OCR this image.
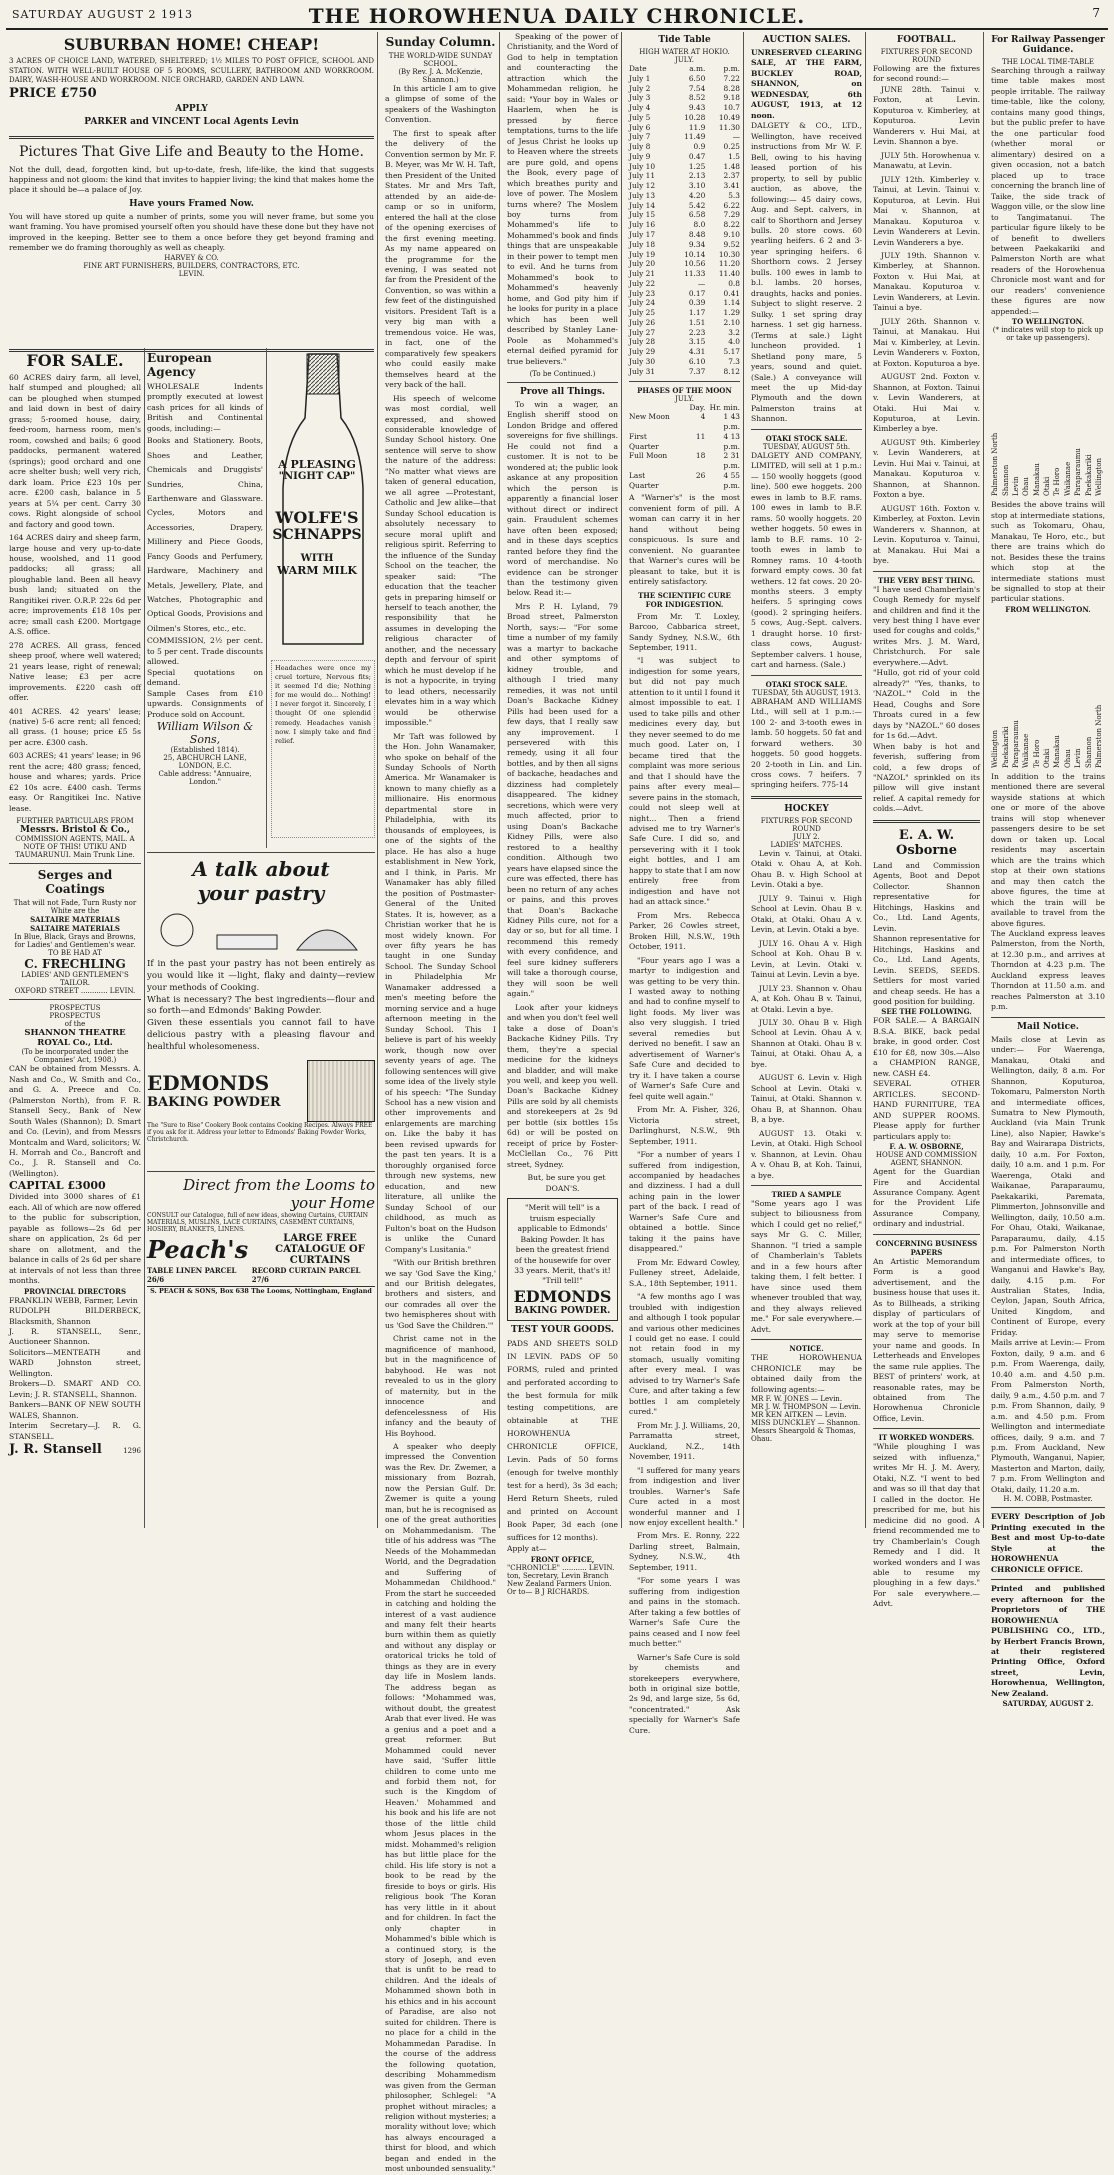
SATURDAY AUGUST 2 1913	THE HOROWHENUA DAILY CHRONICLE.	7
SUBURBAN HOME! CHEAP!
3 ACRES OF CHOICE LAND, WATERED, SHELTERED; 1½ MILES TO POST OFFICE, SCHOOL AND STATION. WITH WELL-BUILT HOUSE OF 5 ROOMS, SCULLERY, BATHROOM AND WORKROOM. DAIRY, WASH-HOUSE AND WORKROOM. NICE ORCHARD, GARDEN AND LAWN.
PRICE £750
APPLY
PARKER and VINCENT Local Agents Levin
Pictures That Give Life and Beauty to the Home.
Not the dull, dead, forgotten kind, but up-to-date, fresh, life-like, the kind that suggests happiness and not gloom: the kind that invites to happier living; the kind that makes home the place it should be—a palace of Joy.
Have yours Framed Now.
You will have stored up quite a number of prints, some you will never frame, but some you want framing. You have promised yourself often you should have these done but they have not improved in the keeping. Better see to them a once before they get beyond framing and remember we do framing thoroughly as well as cheaply.
HARVEY & CO.
FINE ART FURNISHERS, BUILDERS, CONTRACTORS, ETC.
LEVIN.
FOR SALE.
60 ACRES dairy farm, all level, half stumped and ploughed; all can be ploughed when stumped and laid down in best of dairy grass; 5-roomed house, dairy, feed-room, harness room, men's room, cowshed and bails; 6 good paddocks, permanent watered (springs); good orchard and one acre shelter bush; well very rich, dark loam. Price £23 10s per acre. £200 cash, balance in 5 years at 5¼ per cent. Carry 30 cows. Right alongside of school and factory and good town.
164 ACRES dairy and sheep farm, large house and very up-to-date house, woolshed, and 11 good paddocks; all grass; all ploughable land. Been all heavy bush land; situated on the Rangitikei river. O.R.P. 22s 6d per acre; improvements £18 10s per acre; small cash £200. Mortgage A.S. office.
278 ACRES. All grass, fenced sheep proof, where well watered; 21 years lease, right of renewal; Native lease; £3 per acre improvements. £220 cash off offer.
401 ACRES. 42 years' lease; (native) 5-6 acre rent; all fenced; all grass. (1 house; price £5 5s per acre. £300 cash.
603 ACRES; 41 years' lease; in 96 rent the acre; 480 grass; fenced, house and whares; yards. Price £2 10s acre. £400 cash. Terms easy. Or Rangitikei Inc. Native lease.
FURTHER PARTICULARS FROM
Messrs. Bristol & Co.,
COMMISSION AGENTS, MAIL. A NOTE OF THIS! UTIKU AND TAUMARUNUI. Main Trunk Line.
Serges and Coatings
That will not Fade, Turn Rusty nor White are the
SALTAIRE MATERIALS
SALTAIRE MATERIALS
In Blue, Black, Grays and Browns, for Ladies' and Gentlemen's wear.
TO BE HAD AT
C. FRECHLING
LADIES' AND GENTLEMEN'S TAILOR.
OXFORD STREET ............ LEVIN.
PROSPECTUS
PROSPECTUS
of the
SHANNON THEATRE ROYAL Co., Ltd.
(To be incorporated under the Companies' Act, 1908.)
CAN be obtained from Messrs. A. Nash and Co., W. Smith and Co., and G. A. Preece and Co. (Palmerston North), from F. R. Stansell Secy., Bank of New South Wales (Shannon); D. Smart and Co. (Levin), and from Messrs Montcalm and Ward, solicitors; W. H. Morrah and Co., Bancroft and Co., J. R. Stansell and Co. (Wellington).
CAPITAL £3000
Divided into 3000 shares of £1 each. All of which are now offered to the public for subscription, payable as follows—2s 6d per share on application, 2s 6d per share on allotment, and the balance in calls of 2s 6d per share at intervals of not less than three months.
PROVINCIAL DIRECTORS
FRANKLIN WEBB, Farmer, Levin
RUDOLPH BILDERBECK, Blacksmith, Shannon
J. R. STANSELL, Senr., Auctioneer Shannon.
Solicitors—MENTEATH and WARD Johnston street, Wellington.
Brokers—D. SMART AND CO. Levin; J. R. STANSELL, Shannon.
Bankers—BANK OF NEW SOUTH WALES, Shannon.
Interim Secretary—J. R. G. STANSELL.
J. R. Stansell	1296
European Agency
WHOLESALE Indents promptly executed at lowest cash prices for all kinds of British and Continental goods, including:—
Books and Stationery. Boots, Shoes and Leather, Chemicals and Druggists' Sundries, China, Earthenware and Glassware. Cycles, Motors and Accessories, Drapery, Millinery and Piece Goods, Fancy Goods and Perfumery, Hardware, Machinery and Metals, Jewellery, Plate, and Watches, Photographic and Optical Goods, Provisions and Oilmen's Stores, etc., etc.
COMMISSION, 2½ per cent. to 5 per cent. Trade discounts allowed.
Special quotations on demand.
Sample Cases from £10 upwards. Consignments of Produce sold on Account.
William Wilson & Sons,
(Established 1814).
25, ABCHURCH LANE, LONDON, E.C.
Cable address: "Annuaire, London."
A PLEASING
"NIGHT CAP"
WOLFE'S
SCHNAPPS
WITH
WARM MILK
Headaches were once my cruel torture, Nervous fits; it seemed I'd die; Nothing for me would do... Nothing! I never forgot it. Sincerely, I thought Of one splendid remedy. Headaches vanish now. I simply take and find relief.
A talk about
your pastry
If in the past your pastry has not been entirely as you would like it —light, flaky and dainty—review your methods of Cooking.
What is necessary? The best ingredients—flour and so forth—and Edmonds' Baking Powder.
Given these essentials you cannot fail to have delicious pastry with a pleasing flavour and healthful wholesomeness.
EDMONDS
BAKING POWDER
The "Sure to Rise" Cookery Book contains Cooking Recipes. Always FREE if you ask for it. Address your letter to Edmonds' Baking Powder Works, Christchurch.
Direct from the Looms to your Home
CONSULT our Catalogue, full of new ideas, showing Curtains, CURTAIN MATERIALS, MUSLINS, LACE CURTAINS, CASEMENT CURTAINS, HOSIERY, BLANKETS, LINENS.
Peach's	LARGE FREE CATALOGUE OF CURTAINS
TABLE LINEN PARCEL 26/6
RECORD CURTAIN PARCEL 27/6
S. PEACH & SONS, Box 638 The Looms, Nottingham, England
Sunday Column.
THE WORLD-WIDE SUNDAY SCHOOL.
(By Rev. J. A. McKenzie, Shannon.)

In this article I am to give a glimpse of some of the speakers of the Washington Convention.

The first to speak after the delivery of the Convention sermon by Mr. F. B. Meyer, was Mr W. H. Taft, then President of the United States. Mr and Mrs Taft, attended by an aide-de-camp or so in uniform, entered the hall at the close of the opening exercises of the first evening meeting. As my name appeared on the programme for the evening, I was seated not far from the President of the Convention, so was within a few feet of the distinguished visitors. President Taft is a very big man with a tremendous voice. He was, in fact, one of the comparatively few speakers who could easily make themselves heard at the very back of the hall.

His speech of welcome was most cordial, well expressed, and showed considerable knowledge of Sunday School history. One sentence will serve to show the nature of the address: "No matter what views are taken of general education, we all agree —Protestant, Catholic and Jew alike—that Sunday School education is absolutely necessary to secure moral uplift and religious spirit. Referring to the influence of the Sunday School on the teacher, the speaker said: "The education that the teacher gets in preparing himself or herself to teach another, the responsibility that he assumes in developing the religious character of another, and the necessary depth and fervour of spirit which he must develop if he is not a hypocrite, in trying to lead others, necessarily elevates him in a way which would be otherwise impossible."

Mr Taft was followed by the Hon. John Wanamaker, who spoke on behalf of the Sunday Schools of North America. Mr Wanamaker is known to many chiefly as a millionaire. His enormous departmental store in Philadelphia, with its thousands of employees, is one of the sights of the place. He has also a huge establishment in New York, and I think, in Paris. Mr Wanamaker has ably filled the position of Postmaster-General of the United States. It is, however, as a Christian worker that he is most widely known. For over fifty years he has taught in one Sunday School. The Sunday School in Philadelphia Mr Wanamaker addressed a men's meeting before the morning service and a huge afternoon meeting in the Sunday School. This I believe is part of his weekly work, though now over seventy years of age. The following sentences will give some idea of the lively style of his speech: "The Sunday School has a new vision and other improvements and enlargements are marching on. Like the baby it has been revised upwards for the past ten years. It is a thoroughly organised force through new systems, new education, and new literature, all unlike the Sunday School of our childhood, as much as Fulton's boat on the Hudson is unlike the Cunard Company's Lusitania."

"With our British brethren we say 'God Save the King,' and our British delegates, brothers and sisters, and our comrades all over the two hemispheres shout with us 'God Save the Children.'"

Christ came not in the magnificence of manhood, but in the magnificence of babyhood. He was not revealed to us in the glory of maternity, but in the innocence and defencelessness of His infancy and the beauty of His Boyhood.

A speaker who deeply impressed the Convention was the Rev. Dr. Zwemer, a missionary from Bozrah, now the Persian Gulf. Dr. Zwemer is quite a young man, but he is recognised as one of the great authorities on Mohammedanism. The title of his address was "The Needs of the Mohammedan World, and the Degradation and Suffering of Mohammedan Childhood." From the start he succeeded in catching and holding the interest of a vast audience and many felt their hearts burn within them as quietly and without any display or oratorical tricks he told of things as they are in every day life in Moslem lands. The address began as follows: "Mohammed was, without doubt, the greatest Arab that ever lived. He was a genius and a poet and a great reformer. But Mohammed could never have said, 'Suffer little children to come unto me and forbid them not, for such is the Kingdom of Heaven.' Mohammed and his book and his life are not those of the little child whom Jesus places in the midst. Mohammed's religion has but little place for the child. His life story is not a book to be read by the fireside to boys or girls. His religious book 'The Koran has very little in it about and for children. In fact the only chapter in Mohammed's bible which is a continued story, is the story of Joseph, and even that is unfit to be read to children. And the ideals of Mohammed shown both in his ethics and in his account of Paradise, are also not suited for children. There is no place for a child in the Mohammedan Paradise. In the course of the address the following quotation, describing Mohammedism was given from the German philosopher, Schlegel: "A prophet without miracles; a religion without mysteries; a morality without love; which has always encouraged a thirst for blood, and which began and ended in the most unbounded sensuality."

Speaking of the power of Christianity, and the Word of God to help in temptation and counteracting the attraction which the Mohammedan religion, he said: "Your boy in Wales or Haarlem, when he is pressed by fierce temptations, turns to the life of Jesus Christ he looks up to Heaven where the streets are pure gold, and opens the Book, every page of which breathes purity and love of power. The Moslem turns where? The Moslem boy turns from Mohammed's life to Mohammed's book and finds things that are unspeakable in their power to tempt men to evil. And he turns from Mohammed's book to Mohammed's heavenly home, and God pity him if he looks for purity in a place which has been well described by Stanley Lane-Poole as Mohammed's eternal deified pyramid for true believers."

(To be Continued.)
Prove all Things.

To win a wager, an English sheriff stood on London Bridge and offered sovereigns for five shillings. He could not find a customer. It is not to be wondered at; the public look askance at any proposition which the person is apparently a financial loser without direct or indirect gain. Fraudulent schemes have often been exposed; and in these days sceptics ranted before they find the word of merchandise. No evidence can be stronger than the testimony given below. Read it:—

Mrs P. H. Lyland, 79 Broad street, Palmerston North, says:— "For some time a number of my family was a martyr to backache and other symptoms of kidney trouble, and although I tried many remedies, it was not until Doan's Backache Kidney Pills had been used for a few days, that I really saw any improvement. I persevered with this remedy, using it all four bottles, and by then all signs of backache, headaches and dizziness had completely disappeared. The kidney secretions, which were very much affected, prior to using Doan's Backache Kidney Pills, were also restored to a healthy condition. Although two years have elapsed since the cure was effected, there has been no return of any aches or pains, and this proves that Doan's Backache Kidney Pills cure, not for a day or so, but for all time. I recommend this remedy with every confidence, and feel sure kidney sufferers will take a thorough course, they will soon be well again."

Look after your kidneys and when you don't feel well take a dose of Doan's Backache Kidney Pills. Try them, they're a special medicine for the kidneys and bladder, and will make you well, and keep you well. Doan's Backache Kidney Pills are sold by all chemists and storekeepers at 2s 9d per bottle (six bottles 15s 6d) or will be posted on receipt of price by Foster-McClellan Co., 76 Pitt street, Sydney.

But, be sure you get DOAN'S.

"Merit will tell" is a truism especially applicable to Edmonds' Baking Powder. It has been the greatest friend of the housewife for over 33 years. Merit, that's it! "Trill tell!"
EDMONDS
BAKING POWDER.
TEST YOUR GOODS.
PADS AND SHEETS SOLD IN LEVIN. PADS OF 50 FORMS, ruled and printed and perforated according to the best formula for milk testing competitions, are obtainable at THE HOROWHENUA CHRONICLE OFFICE, Levin. Pads of 50 forms (enough for twelve monthly test for a herd), 3s 3d each; Herd Return Sheets, ruled and printed on Account Book Paper, 3d each (one suffices for 12 months).
Apply at—
FRONT OFFICE,
"CHRONICLE" ........... LEVIN.
ton, Secretary, Levin Branch New Zealand Farmers Union.
Or to— B J RICHARDS.
Tide Table
HIGH WATER AT HOKIO.
JULY.
Date	a.m.	p.m.
July 1	6.50	7.22
July 2	7.54	8.28
July 3	8.52	9.18
July 4	9.43	10.7
July 5	10.28	10.49
July 6	11.9	11.30
July 7	11.49	—
July 8	0.9	0.25
July 9	0.47	1.5
July 10	1.25	1.48
July 11	2.13	2.37
July 12	3.10	3.41
July 13	4.20	5.3
July 14	5.42	6.22
July 15	6.58	7.29
July 16	8.0	8.22
July 17	8.48	9.10
July 18	9.34	9.52
July 19	10.14	10.30
July 20	10.56	11.20
July 21	11.33	11.40
July 22	—	0.8
July 23	0.17	0.41
July 24	0.39	1.14
July 25	1.17	1.29
July 26	1.51	2.10
July 27	2.23	3.2
July 28	3.15	4.0
July 29	4.31	5.17
July 30	6.10	7.3
July 31	7.37	8.12
PHASES OF THE MOON
JULY.
Day. Hr. min.
New Moon	4	1 43 p.m.
First Quarter
11	4 13 p.m.
Full Moon	18	2 31 p.m.
Last Quarter
26	4 55 p.m.
A "Warner's" is the most convenient form of pill. A woman can carry it in her hand without being conspicuous. Is sure and convenient. No guarantee that Warner's cures will be pleasant to take, but it is entirely satisfactory.
THE SCIENTIFIC CURE FOR INDIGESTION.

From Mr. T. Loxley, Barcoo, Cabbarica street, Sandy Sydney, N.S.W., 6th September, 1911.

"I was subject to indigestion for some years, but did not pay much attention to it until I found it almost impossible to eat. I used to take pills and other medicines every day, but they never seemed to do me much good. Later on, I became tired that the complaint was more serious and that I should have the pains after every meal—severe pains in the stomach, could not sleep well at night... Then a friend advised me to try Warner's Safe Cure. I did so, and persevering with it I took eight bottles, and I am happy to state that I am now entirely free from indigestion and have not had an attack since."

From Mrs. Rebecca Parker, 26 Cowles street, Broken Hill, N.S.W., 19th October, 1911.

"Four years ago I was a martyr to indigestion and was getting to be very thin. I wasted away to nothing and had to confine myself to light foods. My liver was also very sluggish. I tried several remedies but derived no benefit. I saw an advertisement of Warner's Safe Cure and decided to try it. I have taken a course of Warner's Safe Cure and feel quite well again."

From Mr. A. Fisher, 326, Victoria street, Darlinghurst, N.S.W., 9th September, 1911.

"For a number of years I suffered from indigestion, accompanied by headaches and dizziness. I had a dull aching pain in the lower part of the back. I read of Warner's Safe Cure and obtained a bottle. Since taking it the pains have disappeared."

From Mr. Edward Cowley, Fulleney street, Adelaide, S.A., 18th September, 1911.

"A few months ago I was troubled with indigestion and although I took popular and various other medicines I could get no ease. I could not retain food in my stomach, usually vomiting after every meal. I was advised to try Warner's Safe Cure, and after taking a few bottles I am completely cured."

From Mr. J. J. Williams, 20, Parramatta street, Auckland, N.Z., 14th November, 1911.

"I suffered for many years from indigestion and liver troubles. Warner's Safe Cure acted in a most wonderful manner and I now enjoy excellent health."

From Mrs. E. Ronny, 222 Darling street, Balmain, Sydney, N.S.W., 4th September, 1911.

"For some years I was suffering from indigestion and pains in the stomach. After taking a few bottles of Warner's Safe Cure the pains ceased and I now feel much better."

Warner's Safe Cure is sold by chemists and storekeepers everywhere, both in original size bottle, 2s 9d, and large size, 5s 6d, "concentrated." Ask specially for Warner's Safe Cure.

AUCTION SALES.
UNRESERVED CLEARING SALE, AT THE FARM, BUCKLEY ROAD, SHANNON, on WEDNESDAY, 6th AUGUST, 1913, at 12 noon.
DALGETY & CO., LTD., Wellington, have received instructions from Mr W. F. Bell, owing to his having leased portion of his property, to sell by public auction, as above, the following:— 45 dairy cows, Aug. and Sept. calvers, in calf to Shorthorn and Jersey bulls. 20 store cows. 60 yearling heifers. 6 2 and 3-year springing heifers. 6 Shorthorn cows. 2 Jersey bulls. 100 ewes in lamb to b.l. lambs. 20 horses, draughts, hacks and ponies. Subject to slight reserve. 2 Sulky. 1 set spring dray harness. 1 set gig harness. (Terms at sale.) Light luncheon provided. 1 Shetland pony mare, 5 years, sound and quiet. (Sale.) A conveyance will meet the up Mid-day Plymouth and the down Palmerston trains at Shannon.
OTAKI STOCK SALE.
TUESDAY, AUGUST 5th.
DALGETY AND COMPANY, LIMITED, will sell at 1 p.m.:— 150 woolly hoggets (good line). 500 ewe hoggets. 200 ewes in lamb to B.F. rams. 100 ewes in lamb to B.F. rams. 50 woolly hoggets. 20 wether hoggets. 50 ewes in lamb to B.F. rams. 10 2-tooth ewes in lamb to Romney rams. 10 4-tooth forward empty cows. 30 fat wethers. 12 fat cows. 20 20-months steers. 3 empty heifers. 5 springing cows (good). 2 springing heifers. 5 cows, Aug.-Sept. calvers. 1 draught horse. 10 first-class cows, August-September calvers. 1 house, cart and harness. (Sale.)
OTAKI STOCK SALE.
TUESDAY, 5th AUGUST, 1913.
ABRAHAM AND WILLIAMS Ltd., will sell at 1 p.m.:— 100 2- and 3-tooth ewes in lamb. 50 hoggets. 50 fat and forward wethers. 30 hoggets. 50 good hoggets. 20 2-tooth in Lin. and Lin. cross cows. 7 heifers. 7 springing heifers. 775-14
HOCKEY
FIXTURES FOR SECOND ROUND
JULY 2.
LADIES' MATCHES.

Levin v. Tainui, at Otaki. Otaki v. Ohau A, at Koh. Ohau B. v. High School at Levin. Otaki a bye.

JULY 9. Tainui v. High School at Levin. Ohau B v. Otaki, at Otaki. Ohau A v. Levin, at Levin. Otaki a bye.

JULY 16. Ohau A v. High School at Koh. Ohau B v. Levin, at Levin. Otaki v. Tainui at Levin. Levin a bye.

JULY 23. Shannon v. Ohau A, at Koh. Ohau B v. Tainui, at Otaki. Levin a bye.

JULY 30. Ohau B v. High School at Levin. Ohau A v. Shannon at Otaki. Ohau B v. Tainui, at Otaki. Ohau A, a bye.

AUGUST 6. Levin v. High School at Levin. Otaki v. Tainui, at Otaki. Shannon v. Ohau B, at Shannon. Ohau B, a bye.

AUGUST 13. Otaki v. Levin, at Otaki. High School v. Shannon, at Levin. Ohau A v. Ohau B, at Koh. Tainui, a bye.

TRIED A SAMPLE
"Some years ago I was subject to biliousness from which I could get no relief," says Mr G. C. Miller, Shannon. "I tried a sample of Chamberlain's Tablets and in a few hours after taking them, I felt better. I have since used them whenever troubled that way, and they always relieved me." For sale everywhere.—Advt.
NOTICE.
THE HOROWHENUA CHRONICLE may be obtained daily from the following agents:—
MR F. W. JONES — Levin.
MR J. W. THOMPSON — Levin.
MR KEN AITKEN — Levin.
MISS DUNCKLEY — Shannon.
Messrs Sheargold & Thomas, Ohau.
FOOTBALL.
FIXTURES FOR SECOND ROUND
Following are the fixtures for second round:—

JUNE 28th. Tainui v. Foxton, at Levin. Koputuroa v. Kimberley, at Koputuroa. Levin Wanderers v. Hui Mai, at Levin. Shannon a bye.

JULY 5th. Horowhenua v. Manawatu, at Levin.

JULY 12th. Kimberley v. Tainui, at Levin. Tainui v. Koputuroa, at Levin. Hui Mai v. Shannon, at Manakau. Koputuroa v. Levin Wanderers at Levin. Levin Wanderers a bye.

JULY 19th. Shannon v. Kimberley, at Shannon. Foxton v. Hui Mai, at Manakau. Koputuroa v. Levin Wanderers, at Levin. Tainui a bye.

JULY 26th. Shannon v. Tainui, at Manakau. Hui Mai v. Kimberley, at Levin. Levin Wanderers v. Foxton, at Foxton. Koputuroa a bye.

AUGUST 2nd. Foxton v. Shannon, at Foxton. Tainui v. Levin Wanderers, at Otaki. Hui Mai v. Koputuroa, at Levin. Kimberley a bye.

AUGUST 9th. Kimberley v. Levin Wanderers, at Levin. Hui Mai v. Tainui, at Manakau. Koputuroa v. Shannon, at Shannon. Foxton a bye.

AUGUST 16th. Foxton v. Kimberley, at Foxton. Levin Wanderers v. Shannon, at Levin. Koputuroa v. Tainui, at Manakau. Hui Mai a bye.

THE VERY BEST THING.
"I have used Chamberlain's Cough Remedy for myself and children and find it the very best thing I have ever used for coughs and colds," writes Mrs. J. M. Ward, Christchurch. For sale everywhere.—Advt.
"Hullo, got rid of your cold already?" "Yes, thanks, to 'NAZOL.'" Cold in the Head, Coughs and Sore Throats cured in a few days by "NAZOL." 60 doses for 1s 6d.—Advt.
When baby is hot and feverish, suffering from cold, a few drops of "NAZOL" sprinkled on its pillow will give instant relief. A capital remedy for colds.—Advt.
E. A. W. Osborne
Land and Commission Agents, Boot and Depot Collector. Shannon representative for Hitchings, Haskins and Co., Ltd. Land Agents, Levin.
Shannon representative for Hitchings, Haskins and Co., Ltd. Land Agents, Levin. SEEDS, SEEDS. Settlers for most varied and cheap seeds. He has a good position for building.
SEE THE FOLLOWING.
FOR SALE.— A BARGAIN B.S.A. BIKE, back pedal brake, in good order. Cost £10 for £8, now 30s.—Also a CHAMPION RANGE, new. CASH £4.
SEVERAL OTHER ARTICLES. SECOND-HAND FURNITURE, TEA AND SUPPER ROOMS. Please apply for further particulars apply to:
F. A. W. OSBORNE,
HOUSE AND COMMISSION AGENT, SHANNON.
Agent for the Guardian Fire and Accidental Assurance Company. Agent for the Provident Life Assurance Company, ordinary and industrial.
CONCERNING BUSINESS PAPERS
An Artistic Memorandum Form is a good advertisement, and the business house that uses it. As to Billheads, a striking display of particulars of work at the top of your bill may serve to memorise your name and goods. In Letterheads and Envelopes the same rule applies. The BEST of printers' work, at reasonable rates, may be obtained from The Horowhenua Chronicle Office, Levin.
IT WORKED WONDERS.
"While ploughing I was seized with influenza," writes Mr H. J. M. Avery, Otaki, N.Z. "I went to bed and was so ill that day that I called in the doctor. He prescribed for me, but his medicine did no good. A friend recommended me to try Chamberlain's Cough Remedy and I did. It worked wonders and I was able to resume my ploughing in a few days." For sale everywhere.—Advt.
For Railway Passenger Guidance.
THE LOCAL TIME-TABLE
Searching through a railway time table makes most people irritable. The railway time-table, like the colony, contains many good things, but the public prefer to have the one particular food (whether moral or alimentary) desired on a given occasion, not a batch placed up to trace concerning the branch line of Taike, the side track of Waggon ville, or the slow line to Tangimatanui. The particular figure likely to be of benefit to dwellers between Paekakariki and Palmerston North are what readers of the Horowhenua Chronicle most want and for our readers' convenience these figures are now appended:—
TO WELLINGTON.
(* indicates will stop to pick up or take up passengers).
Palmerston North Shannon Levin Ohau Manakau Otaki Te Horo Waikanae Paraparaumu Paekakariki Wellington
Besides the above trains will stop at intermediate stations, such as Tokomaru, Ohau, Manakau, Te Horo, etc., but there are trains which do not. Besides these the trains which stop at the intermediate stations must be signalled to stop at their particular stations.
FROM WELLINGTON.
Wellington Paekakariki Paraparaumu Waikanae Te Horo Otaki Manakau Ohau Levin Shannon Palmerston North
In addition to the trains mentioned there are several wayside stations at which one or more of the above trains will stop whenever passengers desire to be set down or taken up. Local residents may ascertain which are the trains which stop at their own stations and may then catch the above figures, the time at which the train will be available to travel from the above figures.
The Auckland express leaves Palmerston, from the North, at 12.30 p.m., and arrives at Thorndon at 4.23 p.m. The Auckland express leaves Thorndon at 11.50 a.m. and reaches Palmerston at 3.10 p.m.
Mail Notice.
Mails close at Levin as under:— For Waerenga, Manakau, Otaki and Wellington, daily, 8 a.m. For Shannon, Koputuroa, Tokomaru, Palmerston North and intermediate offices, Sumatra to New Plymouth, Auckland (via Main Trunk Line), also Napier, Hawke's Bay and Wairarapa Districts, daily, 10 a.m. For Foxton, daily, 10 a.m. and 1 p.m. For Waerenga, Otaki and Waikanae, Paraparaumu, Paekakariki, Paremata, Plimmerton, Johnsonville and Wellington, daily, 10.50 a.m. For Ohau, Otaki, Waikanae, Paraparaumu, daily, 4.15 p.m. For Palmerston North and intermediate offices, to Wanganui and Hawke's Bay, daily, 4.15 p.m. For Australian States, India, Ceylon, Japan, South Africa, United Kingdom, and Continent of Europe, every Friday.
Mails arrive at Levin:— From Foxton, daily, 9 a.m. and 6 p.m. From Waerenga, daily, 10.40 a.m. and 4.50 p.m. From Palmerston North, daily, 9 a.m., 4.50 p.m. and 7 p.m. From Shannon, daily, 9 a.m. and 4.50 p.m. From Wellington and intermediate offices, daily, 9 a.m. and 7 p.m. From Auckland, New Plymouth, Wanganui, Napier, Masterton and Marton, daily, 7 p.m. From Wellington and Otaki, daily, 11.20 a.m.
H. M. COBB, Postmaster.
EVERY Description of Job Printing executed in the Best and most Up-to-date Style at the HOROWHENUA CHRONICLE OFFICE.
Printed and published every afternoon for the Proprietors of THE HOROWHENUA PUBLISHING CO., LTD., by Herbert Francis Brown, at their registered Printing Office, Oxford street, Levin, Horowhenua, Wellington, New Zealand.
SATURDAY, AUGUST 2.
